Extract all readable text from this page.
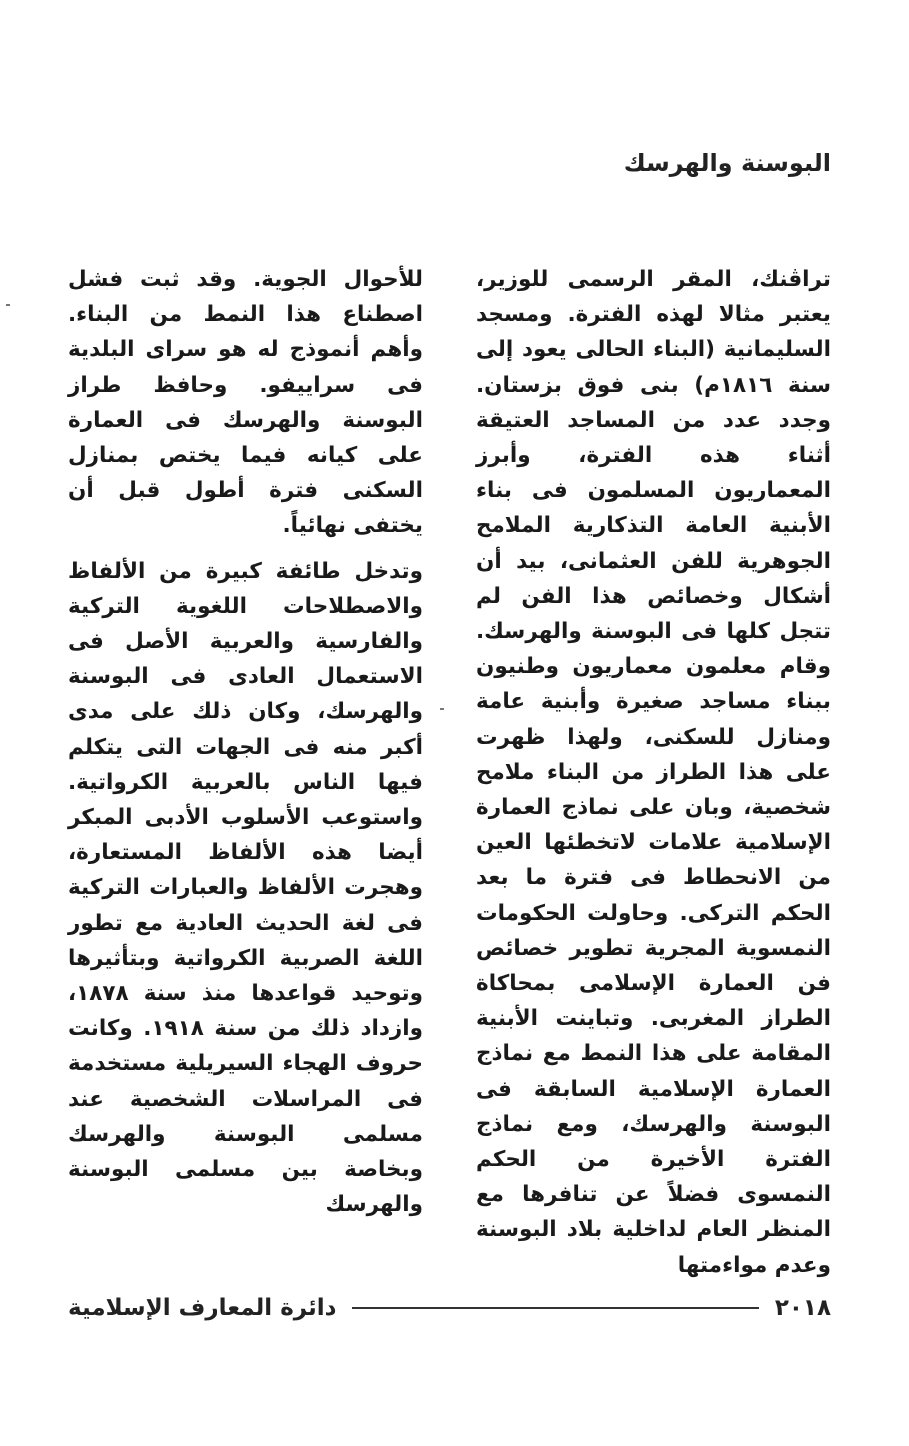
البوسنة والهرسك

تراڤنك، المقر الرسمى للوزير، يعتبر مثالا لهذه الفترة. ومسجد السليمانية (البناء الحالى يعود إلى سنة ١٨١٦م) بنى فوق بزستان. وجدد عدد من المساجد العتيقة أثناء هذه الفترة، وأبرز المعماريون المسلمون فى بناء الأبنية العامة التذكارية الملامح الجوهرية للفن العثمانى، بيد أن أشكال وخصائص هذا الفن لم تتجل كلها فى البوسنة والهرسك. وقام معلمون معماريون وطنيون ببناء مساجد صغيرة وأبنية عامة ومنازل للسكنى، ولهذا ظهرت على هذا الطراز من البناء ملامح شخصية، وبان على نماذج العمارة الإسلامية علامات لاتخطئها العين من الانحطاط فى فترة ما بعد الحكم التركى. وحاولت الحكومات النمسوية المجرية تطوير خصائص فن العمارة الإسلامى بمحاكاة الطراز المغربى. وتباينت الأبنية المقامة على هذا النمط مع نماذج العمارة الإسلامية السابقة فى البوسنة والهرسك، ومع نماذج الفترة الأخيرة من الحكم النمسوى فضلاً عن تنافرها مع المنظر العام لداخلية بلاد البوسنة وعدم مواءمتها

للأحوال الجوية. وقد ثبت فشل اصطناع هذا النمط من البناء. وأهم أنموذج له هو سراى البلدية فى سراييفو. وحافظ طراز البوسنة والهرسك فى العمارة على كيانه فيما يختص بمنازل السكنى فترة أطول قبل أن يختفى نهائياً.

وتدخل طائفة كبيرة من الألفاظ والاصطلاحات اللغوية التركية والفارسية والعربية الأصل فى الاستعمال العادى فى البوسنة والهرسك، وكان ذلك على مدى أكبر منه فى الجهات التى يتكلم فيها الناس بالعربية الكرواتية. واستوعب الأسلوب الأدبى المبكر أيضا هذه الألفاظ المستعارة، وهجرت الألفاظ والعبارات التركية فى لغة الحديث العادية مع تطور اللغة الصربية الكرواتية وبتأثيرها وتوحيد قواعدها منذ سنة ١٨٧٨، وازداد ذلك من سنة ١٩١٨. وكانت حروف الهجاء السيريلية مستخدمة فى المراسلات الشخصية عند مسلمى البوسنة والهرسك وبخاصة بين مسلمى البوسنة والهرسك

٢٠١٨
دائرة المعارف الإسلامية
